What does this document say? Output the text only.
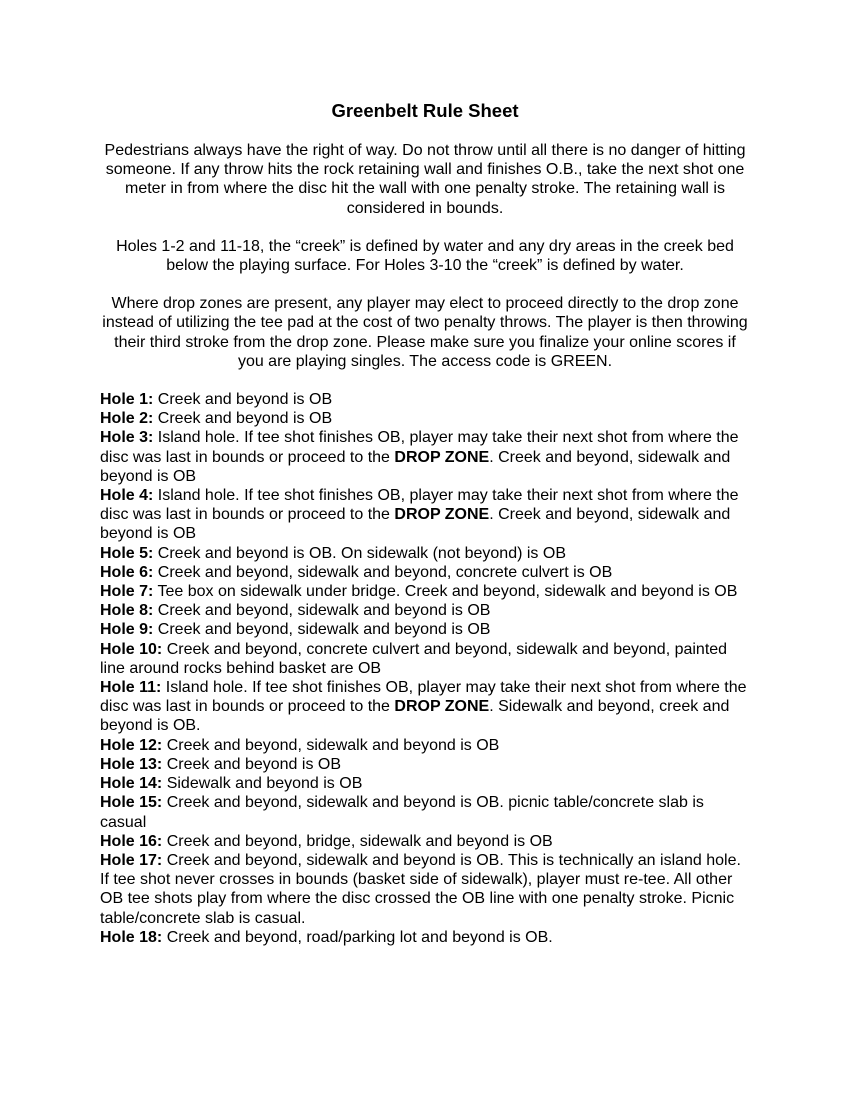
Greenbelt Rule Sheet

Pedestrians always have the right of way. Do not throw until all there is no danger of hitting someone. If any throw hits the rock retaining wall and finishes O.B., take the next shot one meter in from where the disc hit the wall with one penalty stroke. The retaining wall is considered in bounds.

Holes 1-2 and 11-18, the “creek” is defined by water and any dry areas in the creek bed below the playing surface. For Holes 3-10 the “creek” is defined by water.

Where drop zones are present, any player may elect to proceed directly to the drop zone instead of utilizing the tee pad at the cost of two penalty throws. The player is then throwing their third stroke from the drop zone. Please make sure you finalize your online scores if you are playing singles. The access code is GREEN.

Hole 1: Creek and beyond is OB

Hole 2: Creek and beyond is OB

Hole 3: Island hole. If tee shot finishes OB, player may take their next shot from where the disc was last in bounds or proceed to the DROP ZONE. Creek and beyond, sidewalk and beyond is OB

Hole 4: Island hole. If tee shot finishes OB, player may take their next shot from where the disc was last in bounds or proceed to the DROP ZONE. Creek and beyond, sidewalk and beyond is OB

Hole 5: Creek and beyond is OB. On sidewalk (not beyond) is OB

Hole 6: Creek and beyond, sidewalk and beyond, concrete culvert is OB

Hole 7: Tee box on sidewalk under bridge. Creek and beyond, sidewalk and beyond is OB

Hole 8: Creek and beyond, sidewalk and beyond is OB

Hole 9: Creek and beyond, sidewalk and beyond is OB

Hole 10: Creek and beyond, concrete culvert and beyond, sidewalk and beyond, painted line around rocks behind basket are OB

Hole 11: Island hole. If tee shot finishes OB, player may take their next shot from where the disc was last in bounds or proceed to the DROP ZONE. Sidewalk and beyond, creek and beyond is OB.

Hole 12: Creek and beyond, sidewalk and beyond is OB

Hole 13: Creek and beyond is OB

Hole 14: Sidewalk and beyond is OB

Hole 15: Creek and beyond, sidewalk and beyond is OB. picnic table/concrete slab is casual

Hole 16: Creek and beyond, bridge, sidewalk and beyond is OB

Hole 17: Creek and beyond, sidewalk and beyond is OB. This is technically an island hole. If tee shot never crosses in bounds (basket side of sidewalk), player must re-tee. All other OB tee shots play from where the disc crossed the OB line with one penalty stroke. Picnic table/concrete slab is casual.

Hole 18: Creek and beyond, road/parking lot and beyond is OB.
